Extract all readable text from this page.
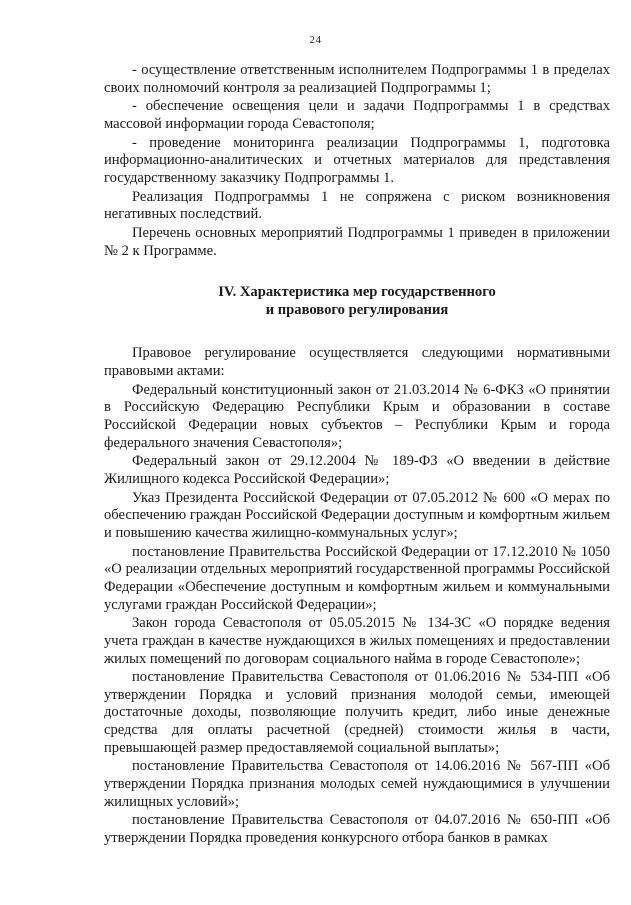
24

- осуществление ответственным исполнителем Подпрограммы 1 в пределах своих полномочий контроля за реализацией Подпрограммы 1;

- обеспечение освещения цели и задачи Подпрограммы 1 в средствах массовой информации города Севастополя;

- проведение мониторинга реализации Подпрограммы 1, подготовка информационно-аналитических и отчетных материалов для представления государственному заказчику Подпрограммы 1.

Реализация Подпрограммы 1 не сопряжена с риском возникновения негативных последствий.

Перечень основных мероприятий Подпрограммы 1 приведен в приложении № 2 к Программе.

IV. Характеристика мер государственного
и правового регулирования

Правовое регулирование осуществляется следующими нормативными правовыми актами:

Федеральный конституционный закон от 21.03.2014 № 6-ФКЗ «О принятии в Российскую Федерацию Республики Крым и образовании в составе Российской Федерации новых субъектов – Республики Крым и города федерального значения Севастополя»;

Федеральный закон от 29.12.2004 № 189-ФЗ «О введении в действие Жилищного кодекса Российской Федерации»;

Указ Президента Российской Федерации от 07.05.2012 № 600 «О мерах по обеспечению граждан Российской Федерации доступным и комфортным жильем и повышению качества жилищно-коммунальных услуг»;

постановление Правительства Российской Федерации от 17.12.2010 № 1050 «О реализации отдельных мероприятий государственной программы Российской Федерации «Обеспечение доступным и комфортным жильем и коммунальными услугами граждан Российской Федерации»;

Закон города Севастополя от 05.05.2015 № 134-ЗС «О порядке ведения учета граждан в качестве нуждающихся в жилых помещениях и предоставлении жилых помещений по договорам социального найма в городе Севастополе»;

постановление Правительства Севастополя от 01.06.2016 № 534-ПП «Об утверждении Порядка и условий признания молодой семьи, имеющей достаточные доходы, позволяющие получить кредит, либо иные денежные средства для оплаты расчетной (средней) стоимости жилья в части, превышающей размер предоставляемой социальной выплаты»;

постановление Правительства Севастополя от 14.06.2016 № 567-ПП «Об утверждении Порядка признания молодых семей нуждающимися в улучшении жилищных условий»;

постановление Правительства Севастополя от 04.07.2016 № 650-ПП «Об утверждении Порядка проведения конкурсного отбора банков в рамках
